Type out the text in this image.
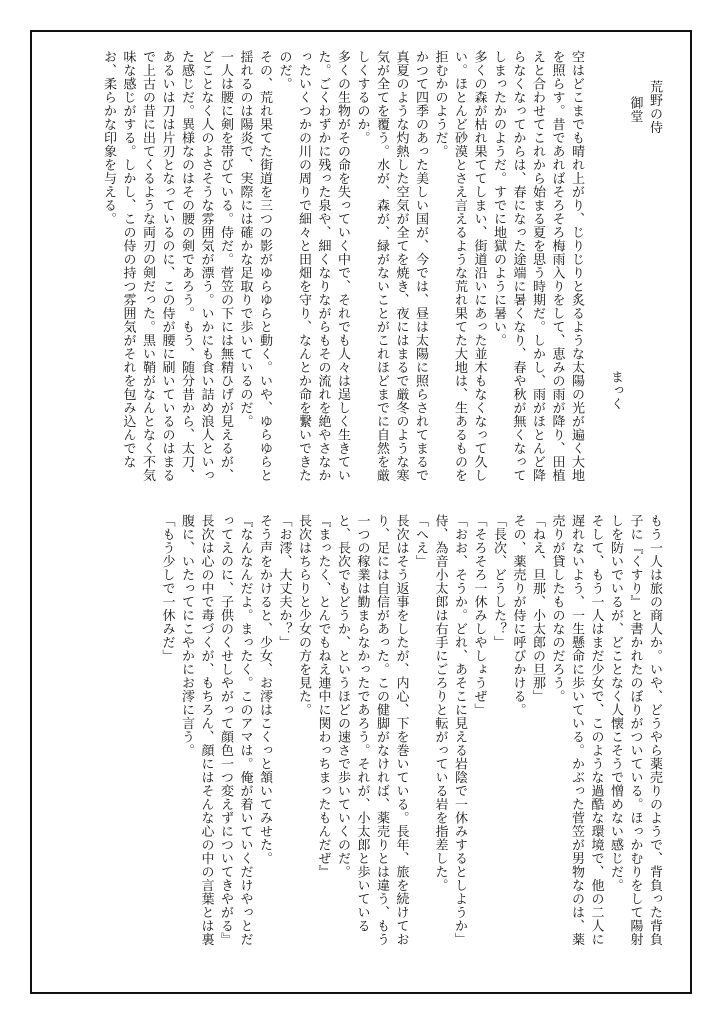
荒野の侍

御堂

まっく

空はどこまでも晴れ上がり、じりじりと炙るような太陽の光が遍く大地を照らす。昔であればそろそろ梅雨入りをして、恵みの雨が降り、田植えと合わせてこれから始まる夏を思う時期だ。しかし、雨がほとんど降らなくなってからは、春になった途端に暑くなり、春や秋が無くなってしまったかのようだ。すでに地獄のように暑い。

多くの森が枯れ果ててしまい、街道沿いにあった並木もなくなって久しい。ほとんど砂漠とさえ言えるような荒れ果てた大地は、生あるものを拒むかのようだ。

かつて四季のあった美しい国が、今では、昼は太陽に照らされてまるで真夏のような灼熱した空気が全てを焼き、夜にはまるで厳冬のような寒気が全てを覆う。水が、森が、緑がないことがこれほどまでに自然を厳しくするのか。

多くの生物がその命を失っていく中で、それでも人々は逞しく生きていた。ごくわずかに残った泉や、細くなりながらもその流れを絶やさなかったいくつかの川の周りで細々と田畑を守り、なんとか命を繋いできたのだ。

その、荒れ果てた街道を三つの影がゆらゆらと動く。いや、ゆらゆらと揺れるのは陽炎で、実際には確かな足取りで歩いているのだ。

一人は腰に剣を帯びている。侍だ。菅笠の下には無精ひげが見えるが、どことなく人のよさそうな雰囲気が漂う。いかにも食い詰め浪人といった感じだ。異様なのはその腰の剣であろう。もう、随分昔から、太刀、あるいは刀は片刃となっているのに、この侍が腰に刷いているのはまるで上古の昔に出てくるような両刃の剣だった。黒い鞘がなんとなく不気味な感じがする。しかし、この侍の持つ雰囲気がそれを包み込んでなお、柔らかな印象を与える。

もう一人は旅の商人か。いや、どうやら薬売りのようで、背負った背負子に『くすり』と書かれたのぼりがついている。ほっかむりをして陽射しを防いでいるが、どことなく人懐こそうで憎めない感じだ。

そして、もう一人はまだ少女で、このような過酷な環境で、他の二人に遅れないよう、一生懸命に歩いている。かぶった菅笠が男物なのは、薬売りが貸したものなのだろう。

「ねえ、旦那、小太郎の旦那」

その、薬売りが侍に呼びかける。

「長次、どうした？」

「そろそろ一休みしやしょうぜ」

「おお、そうか。どれ、あそこに見える岩陰で一休みするとしようか」

侍、為音小太郎は右手にごろりと転がっている岩を指差した。

「へえ」

長次はそう返事をしたが、内心、下を巻いている。長年、旅を続けており、足には自信があった。この健脚がなければ、薬売りとは違う、もう一つの稼業は勤まらなかったであろう。それが、小太郎と歩いていると、長次でもどうか、というほどの速さで歩いていくのだ。

『まったく、とんでもねえ連中に関わっちまったもんだぜ』

長次はちらりと少女の方を見た。

「お澪、大丈夫か？」

そう声をかけると、少女、お澪はこくっと頷いてみせた。

『なんなんだよ。まったく。このアマは。俺が着いていくだけやっとだってえのに、子供のくせしやがって顔色一つ変えずについてきやがる』

長次は心の中で毒づくが、もちろん、顔にはそんな心の中の言葉とは裏腹に、いたってにこやかにお澪に言う。

「もう少しで一休みだ」
